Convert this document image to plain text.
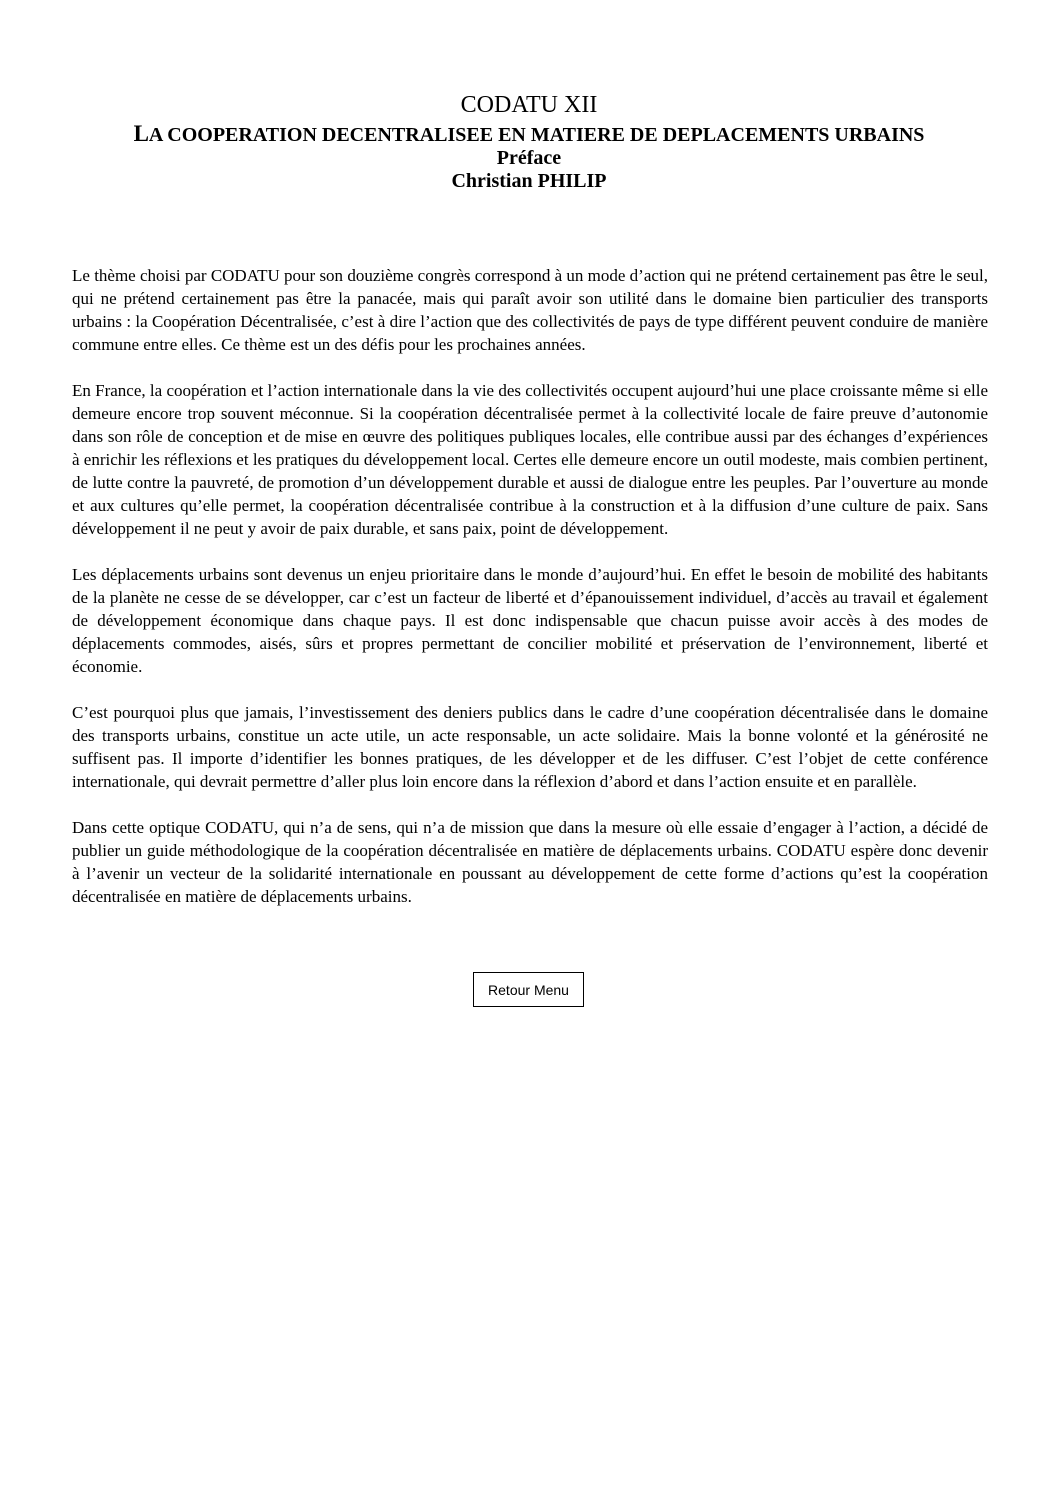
CODATU XII
LA COOPERATION DECENTRALISEE EN MATIERE DE DEPLACEMENTS URBAINS
Préface
Christian PHILIP

Le thème choisi par CODATU pour son douzième congrès correspond à un mode d’action qui ne prétend certainement pas être le seul, qui ne prétend certainement pas être la panacée, mais qui paraît avoir son utilité dans le domaine bien particulier des transports urbains : la Coopération Décentralisée, c’est à dire l’action que des collectivités de pays de type différent peuvent conduire de manière commune entre elles. Ce thème est un des défis pour les prochaines années.

En France, la coopération et l’action internationale dans la vie des collectivités occupent aujourd’hui une place croissante même si elle demeure encore trop souvent méconnue. Si la coopération décentralisée permet à la collectivité locale de faire preuve d’autonomie dans son rôle de conception et de mise en œuvre des politiques publiques locales, elle contribue aussi par des échanges d’expériences à enrichir les réflexions et les pratiques du développement local. Certes elle demeure encore un outil modeste, mais combien pertinent, de lutte contre la pauvreté, de promotion d’un développement durable et aussi de dialogue entre les peuples. Par l’ouverture au monde et aux cultures qu’elle permet, la coopération décentralisée contribue à la construction et à la diffusion d’une culture de paix. Sans développement il ne peut y avoir de paix durable, et sans paix, point de développement.

Les déplacements urbains sont devenus un enjeu prioritaire dans le monde d’aujourd’hui. En effet le besoin de mobilité des habitants de la planète ne cesse de se développer, car c’est un facteur de liberté et d’épanouissement individuel, d’accès au travail et également de développement économique dans chaque pays. Il est donc indispensable que chacun puisse avoir accès à des modes de déplacements commodes, aisés, sûrs et propres permettant de concilier mobilité et préservation de l’environnement, liberté et économie.

C’est pourquoi plus que jamais, l’investissement des deniers publics dans le cadre d’une coopération décentralisée dans le domaine des transports urbains, constitue un acte utile, un acte responsable, un acte solidaire. Mais la bonne volonté et la générosité ne suffisent pas. Il importe d’identifier les bonnes pratiques, de les développer et de les diffuser. C’est l’objet de cette conférence internationale, qui devrait permettre d’aller plus loin encore dans la réflexion d’abord et dans l’action ensuite et en parallèle.

Dans cette optique CODATU, qui n’a de sens, qui n’a de mission que dans la mesure où elle essaie d’engager à l’action, a décidé de publier un guide méthodologique de la coopération décentralisée en matière de déplacements urbains. CODATU espère donc devenir à l’avenir un vecteur de la solidarité internationale en poussant au développement de cette forme d’actions qu’est la coopération décentralisée en matière de déplacements urbains.

Retour Menu
